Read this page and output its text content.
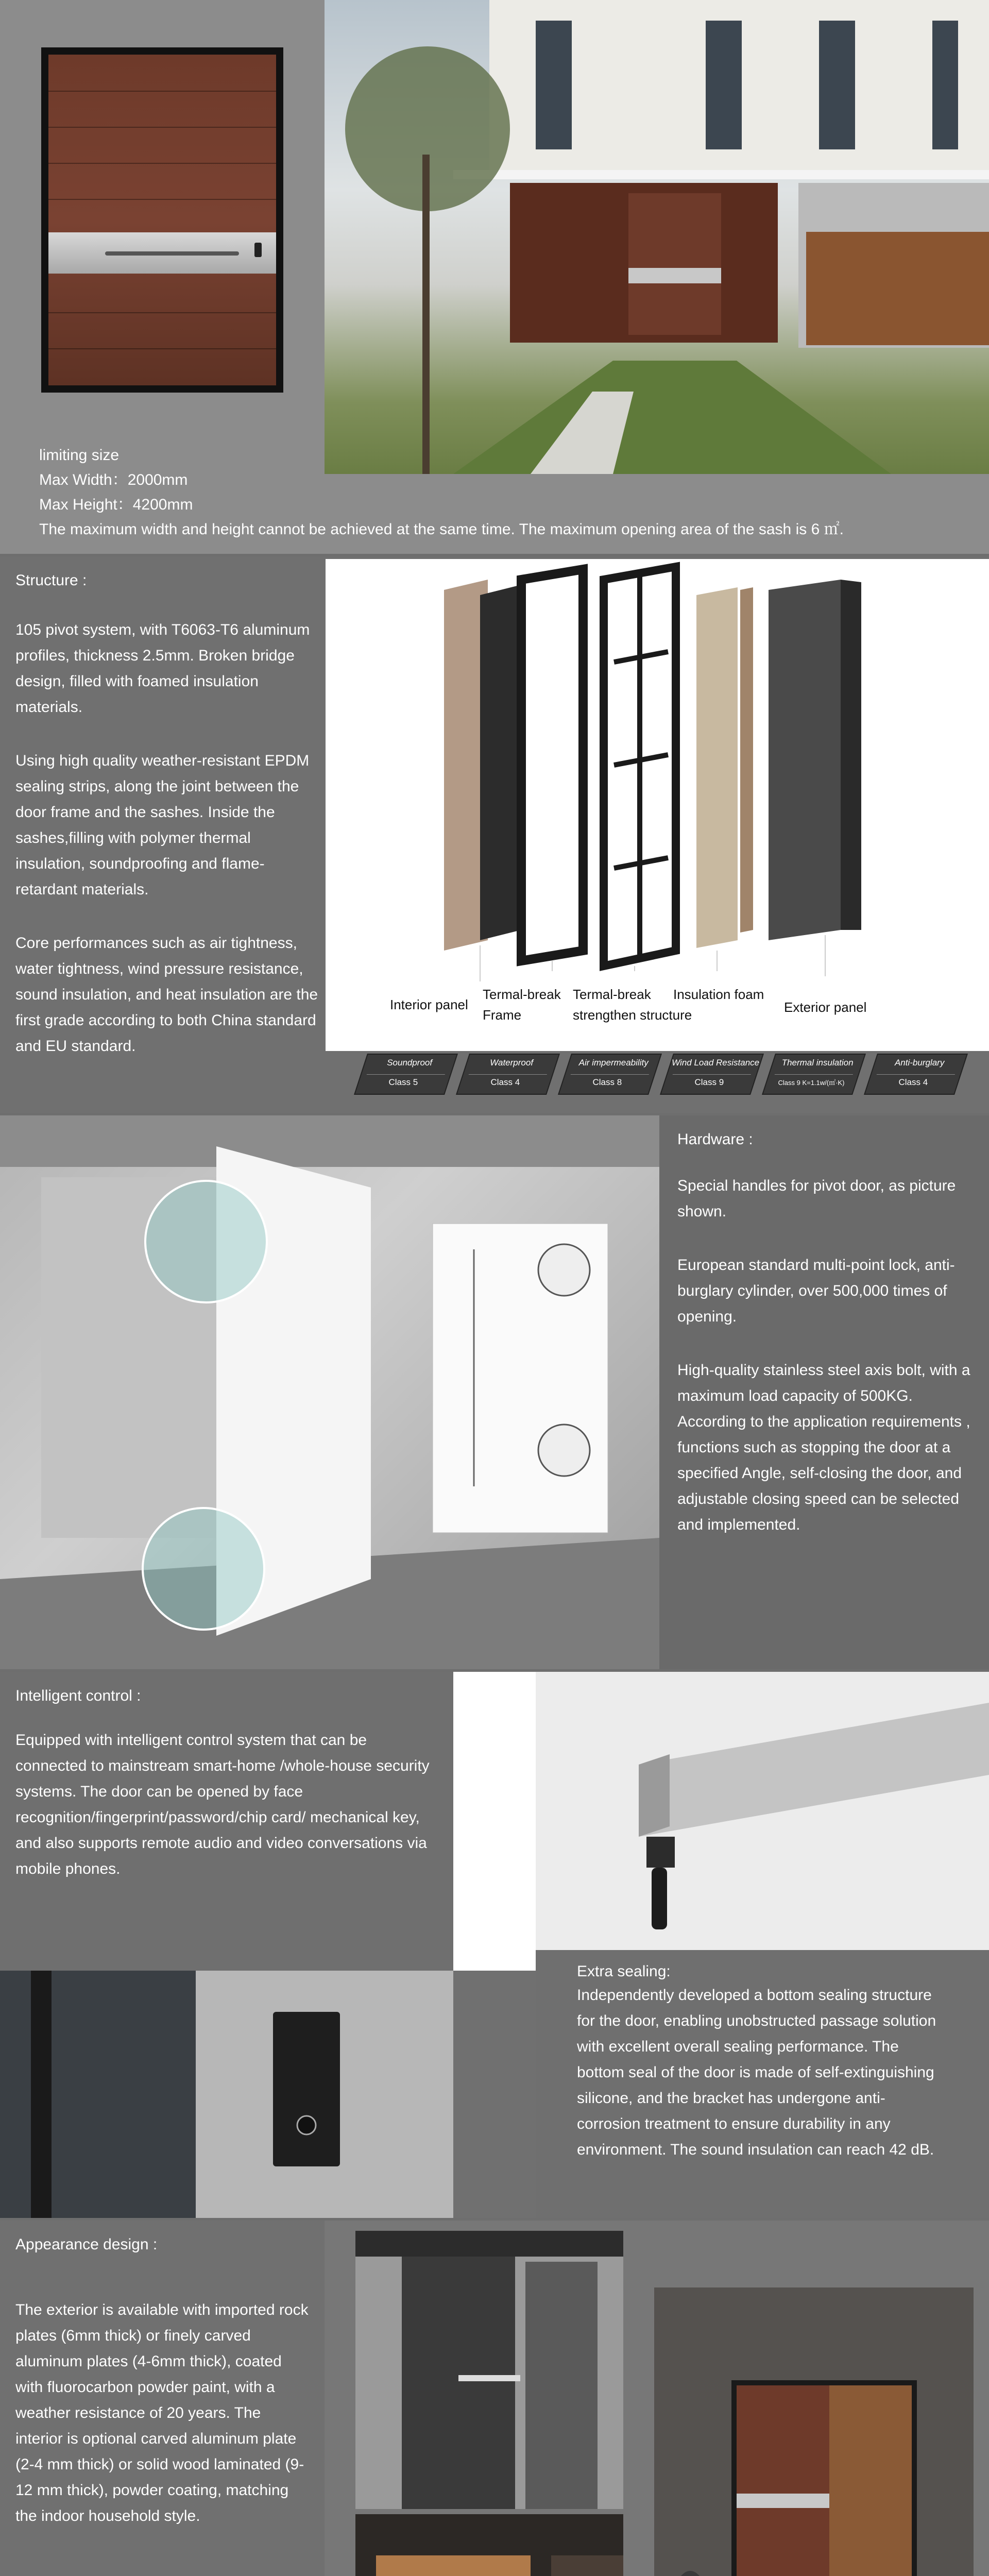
limiting size
Max Width：2000mm
Max Height：4200mm
The maximum width and height cannot be achieved at the same time. The maximum opening area of the sash is 6 ㎡.
Structure :

105 pivot system, with T6063-T6 aluminum profiles, thickness 2.5mm. Broken bridge design, filled with foamed insulation materials.

Using high quality weather-resistant EPDM sealing strips, along the joint between the door frame and the sashes. Inside the sashes,filling with polymer thermal insulation, soundproofing and flame-retardant materials.

Core performances such as air tightness, water tightness, wind pressure resistance, sound insulation, and heat insulation are the first grade according to both China standard and EU standard.

Interior panel
Termal-break
Frame
Termal-break
strengthen structure
Insulation foam
Exterior panel
Soundproof
Class 5
Waterproof
Class 4
Air impermeability
Class 8
Wind Load Resistance
Class 9
Thermal insulation
Class 9 K=1.1w/(㎡·K)
Anti-burglary
Class 4
Hardware :

Special handles for pivot door, as picture shown.

European standard multi-point lock, anti-burglary cylinder, over 500,000 times of opening.

High-quality stainless steel axis bolt, with a maximum load capacity of 500KG. According to the application requirements , functions such as stopping the door at a specified Angle, self-closing the door, and adjustable closing speed can be selected and implemented.

Intelligent control :

Equipped with intelligent control system that can be connected to mainstream smart-home /whole-house security systems. The door can be opened by face recognition/fingerprint/password/chip card/ mechanical key, and also supports remote audio and video conversations via mobile phones.

Extra sealing:

Independently developed a bottom sealing structure for the door, enabling unobstructed passage solution with excellent overall sealing performance. The bottom seal of the door is made of self-extinguishing silicone, and the bracket has undergone anti-corrosion treatment to ensure durability in any environment. The sound insulation can reach 42 dB.

Appearance design :

The exterior is available with imported rock plates (6mm thick) or finely carved aluminum plates (4-6mm thick), coated with fluorocarbon powder paint, with a weather resistance of 20 years. The interior is optional carved aluminum plate (2-4 mm thick) or solid wood laminated (9-12 mm thick), powder coating, matching the indoor household style.
